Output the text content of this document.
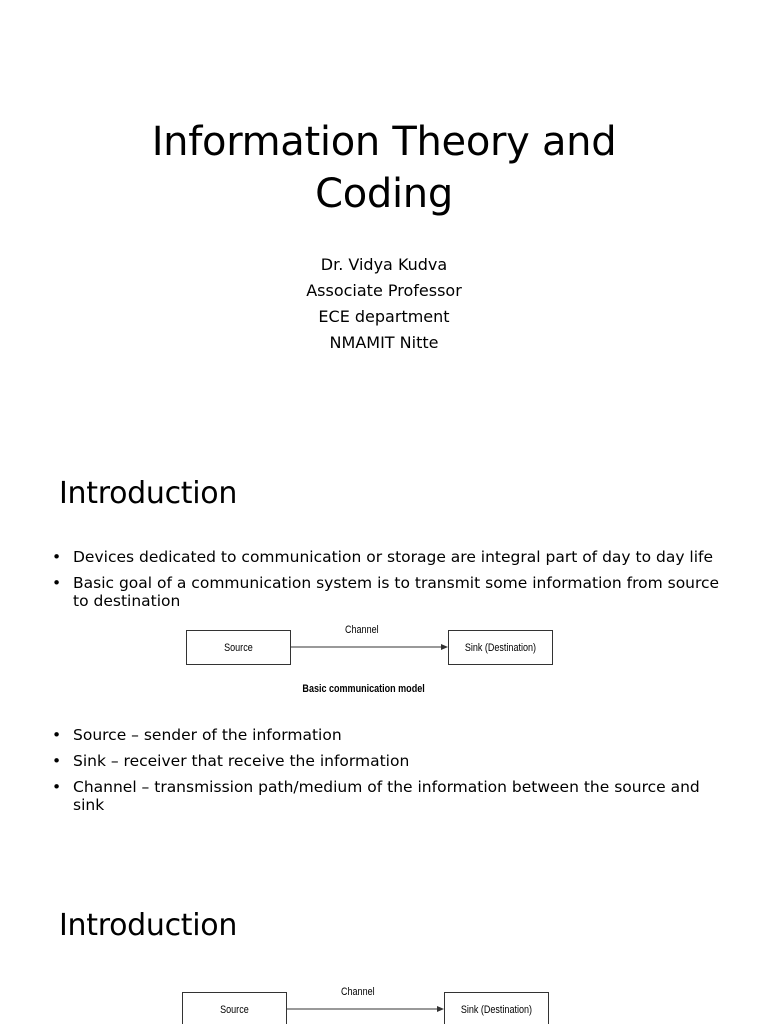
Information Theory and
Coding
Dr. Vidya Kudva
Associate Professor
ECE department
NMAMIT Nitte
Introduction
• Devices dedicated to communication or storage are integral part of day to day life
• Basic goal of a communication system is to transmit some information from source to destination
Channel
Source	Sink (Destination)
Basic communication model
• Source – sender of the information
• Sink – receiver that receive the information
• Channel – transmission path/medium of the information between the source and sink
Introduction
Channel
Source	Sink (Destination)
